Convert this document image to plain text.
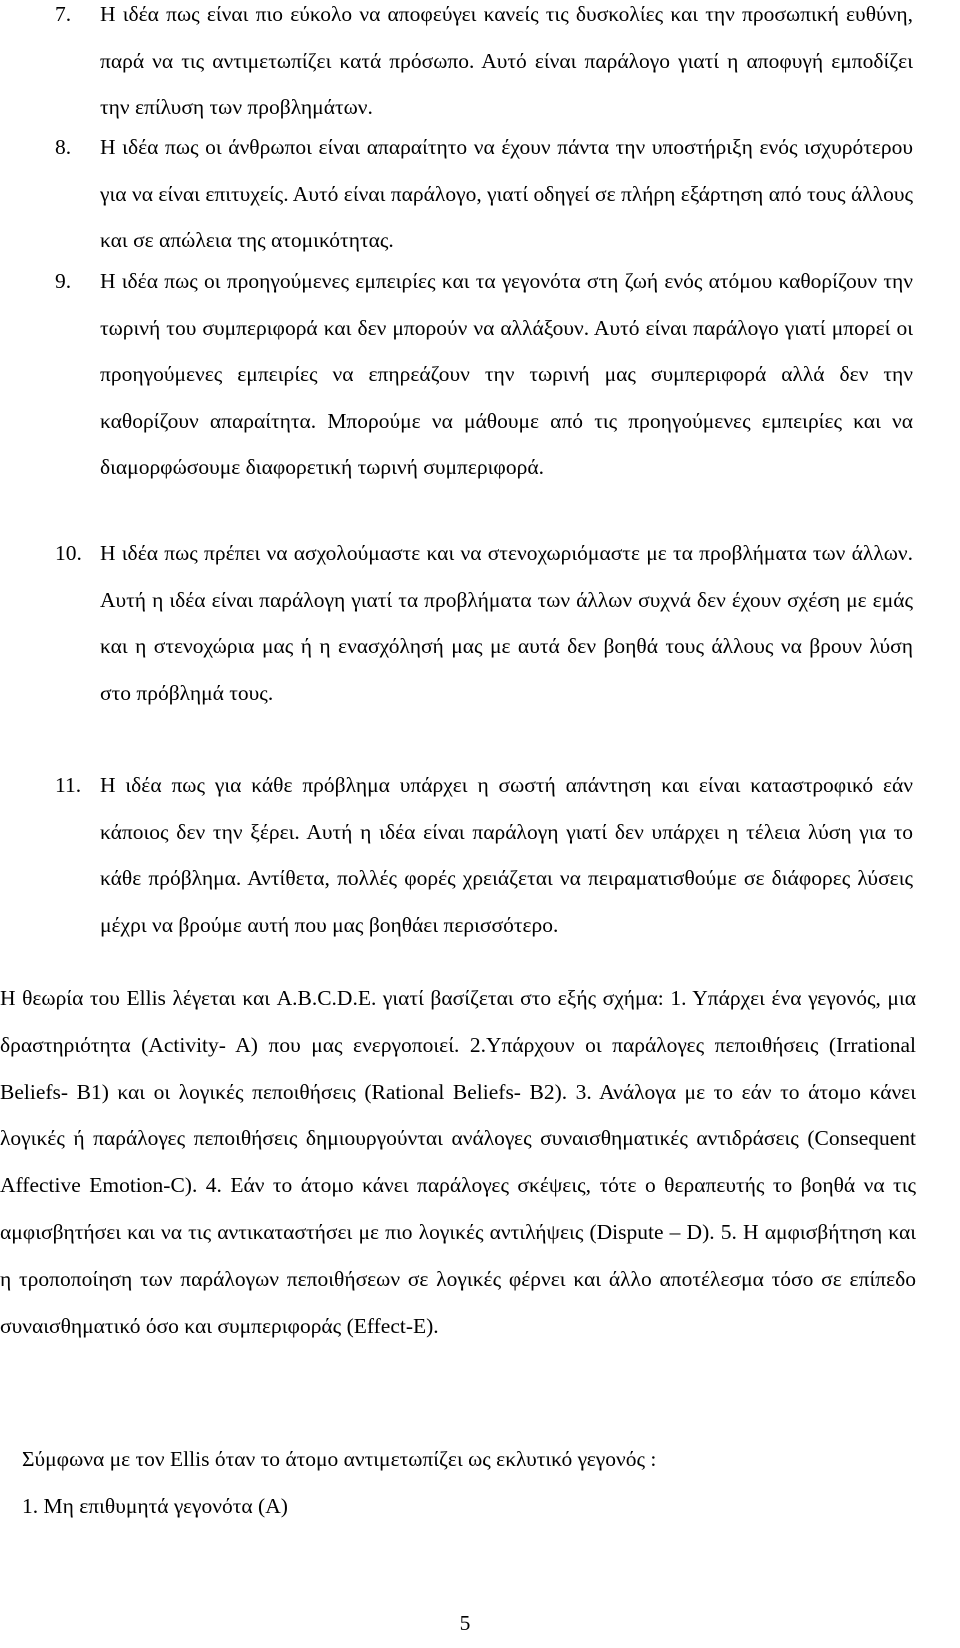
7. Η ιδέα πως είναι πιο εύκολο να αποφεύγει κανείς τις δυσκολίες και την προσωπική ευθύνη, παρά να τις αντιμετωπίζει κατά πρόσωπο. Αυτό είναι παράλογο γιατί η αποφυγή εμποδίζει την επίλυση των προβλημάτων.
8. Η ιδέα πως οι άνθρωποι είναι απαραίτητο να έχουν πάντα την υποστήριξη ενός ισχυρότερου για να είναι επιτυχείς. Αυτό είναι παράλογο, γιατί οδηγεί σε πλήρη εξάρτηση από τους άλλους και σε απώλεια της ατομικότητας.
9. Η ιδέα πως οι προηγούμενες εμπειρίες και τα γεγονότα στη ζωή ενός ατόμου καθορίζουν την τωρινή του συμπεριφορά και δεν μπορούν να αλλάξουν. Αυτό είναι παράλογο γιατί μπορεί οι προηγούμενες εμπειρίες να επηρεάζουν την τωρινή μας συμπεριφορά αλλά δεν την καθορίζουν απαραίτητα. Μπορούμε να μάθουμε από τις προηγούμενες εμπειρίες και να διαμορφώσουμε διαφορετική τωρινή συμπεριφορά.
10. Η ιδέα πως πρέπει να ασχολούμαστε και να στενοχωριόμαστε με τα προβλήματα των άλλων. Αυτή η ιδέα είναι παράλογη γιατί τα προβλήματα των άλλων συχνά δεν έχουν σχέση με εμάς και η στενοχώρια μας ή η ενασχόλησή μας με αυτά δεν βοηθά τους άλλους να βρουν λύση στο πρόβλημά τους.
11. Η ιδέα πως για κάθε πρόβλημα υπάρχει η σωστή απάντηση και είναι καταστροφικό εάν κάποιος δεν την ξέρει. Αυτή η ιδέα είναι παράλογη γιατί δεν υπάρχει η τέλεια λύση για το κάθε πρόβλημα. Αντίθετα, πολλές φορές χρειάζεται να πειραματισθούμε σε διάφορες λύσεις μέχρι να βρούμε αυτή που μας βοηθάει περισσότερο.

Η θεωρία του Ellis λέγεται και A.B.C.D.E. γιατί βασίζεται στο εξής σχήμα: 1. Υπάρχει ένα γεγονός, μια δραστηριότητα (Activity- A) που μας ενεργοποιεί. 2.Υπάρχουν οι παράλογες πεποιθήσεις (Irrational Beliefs- B1) και οι λογικές πεποιθήσεις (Rational Beliefs- B2). 3. Ανάλογα με το εάν το άτομο κάνει λογικές ή παράλογες πεποιθήσεις δημιουργούνται ανάλογες συναισθηματικές αντιδράσεις (Consequent Affective Emotion-C). 4. Εάν το άτομο κάνει παράλογες σκέψεις, τότε ο θεραπευτής το βοηθά να τις αμφισβητήσει και να τις αντικαταστήσει με πιο λογικές αντιλήψεις (Dispute – D). 5. Η αμφισβήτηση και η τροποποίηση των παράλογων πεποιθήσεων σε λογικές φέρνει και άλλο αποτέλεσμα τόσο σε επίπεδο συναισθηματικό όσο και συμπεριφοράς (Effect-E).

Σύμφωνα με τον Ellis όταν το άτομο αντιμετωπίζει ως εκλυτικό γεγονός :

1. Μη επιθυμητά γεγονότα (A)

5
